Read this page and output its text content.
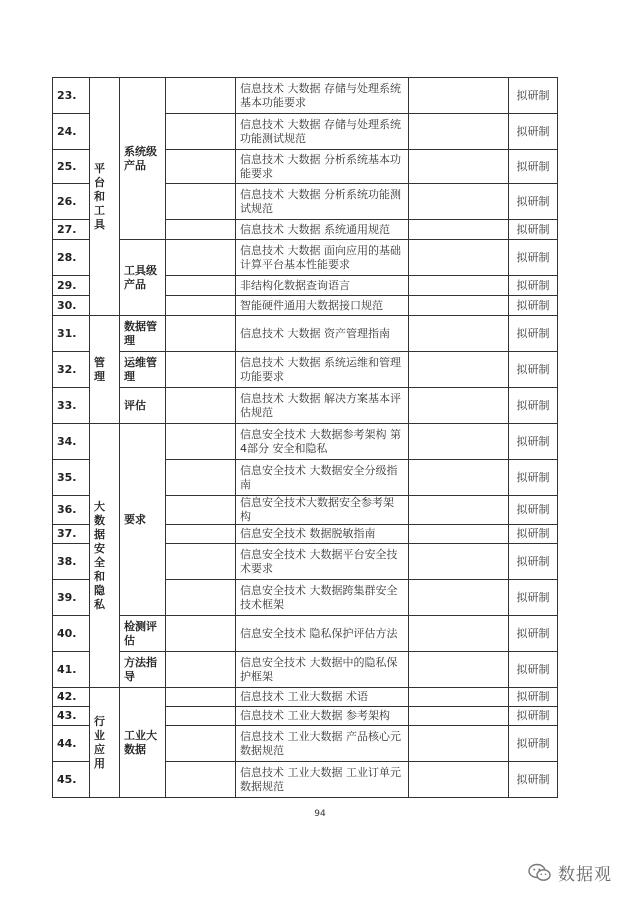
23.	平台和工具	系统级产品		信息技术 大数据 存储与处理系统基本功能要求		拟研制
24.				信息技术 大数据 存储与处理系统功能测试规范		拟研制
25.				信息技术 大数据 分析系统基本功能要求		拟研制
26.				信息技术 大数据 分析系统功能测试规范		拟研制
27.				信息技术 大数据 系统通用规范		拟研制
28.		工具级产品		信息技术 大数据 面向应用的基础计算平台基本性能要求		拟研制
29.				非结构化数据查询语言		拟研制
30.				智能硬件通用大数据接口规范		拟研制
31.	管理	数据管理		信息技术 大数据 资产管理指南		拟研制
32.		运维管理		信息技术 大数据 系统运维和管理功能要求		拟研制
33.		评估		信息技术 大数据 解决方案基本评估规范		拟研制
34.	大数据安全和隐私	要求		信息安全技术 大数据参考架构 第4部分 安全和隐私		拟研制
35.				信息安全技术 大数据安全分级指南		拟研制
36.				信息安全技术大数据安全参考架构		拟研制
37.				信息安全技术 数据脱敏指南		拟研制
38.				信息安全技术 大数据平台安全技术要求		拟研制
39.				信息安全技术 大数据跨集群安全技术框架		拟研制
40.		检测评估		信息安全技术 隐私保护评估方法		拟研制
41.		方法指导		信息安全技术 大数据中的隐私保护框架		拟研制
42.	行业应用	工业大数据		信息技术 工业大数据 术语		拟研制
43.				信息技术 工业大数据 参考架构		拟研制
44.				信息技术 工业大数据 产品核心元数据规范		拟研制
45.				信息技术 工业大数据 工业订单元数据规范		拟研制
94
数据观
